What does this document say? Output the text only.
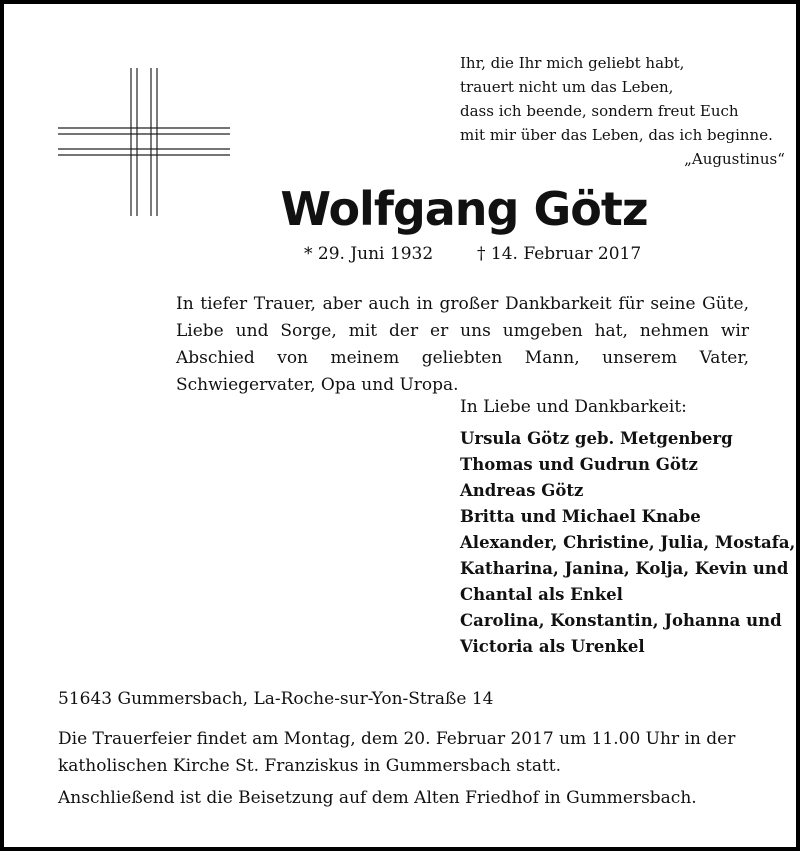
Ihr, die Ihr mich geliebt habt,
trauert nicht um das Leben,
dass ich beende, sondern freut Euch
mit mir über das Leben, das ich beginne.
„Augustinus“
Wolfgang Götz
* 29. Juni 1932	† 14. Februar 2017
In tiefer Trauer, aber auch in großer Dankbarkeit für seine Güte, Liebe und Sorge, mit der er uns umgeben hat, nehmen wir Abschied von meinem geliebten Mann, unserem Vater, Schwiegervater, Opa und Uropa.
In Liebe und Dankbarkeit:
Ursula Götz geb. Metgenberg
Thomas und Gudrun Götz
Andreas Götz
Britta und Michael Knabe
Alexander, Christine, Julia, Mostafa,
Katharina, Janina, Kolja, Kevin und
Chantal als Enkel
Carolina, Konstantin, Johanna und
Victoria als Urenkel
51643 Gummersbach, La-Roche-sur-Yon-Straße 14
Die Trauerfeier findet am Montag, dem 20. Februar 2017 um 11.00 Uhr in der katholischen Kirche St. Franziskus in Gummersbach statt.
Anschließend ist die Beisetzung auf dem Alten Friedhof in Gummersbach.
